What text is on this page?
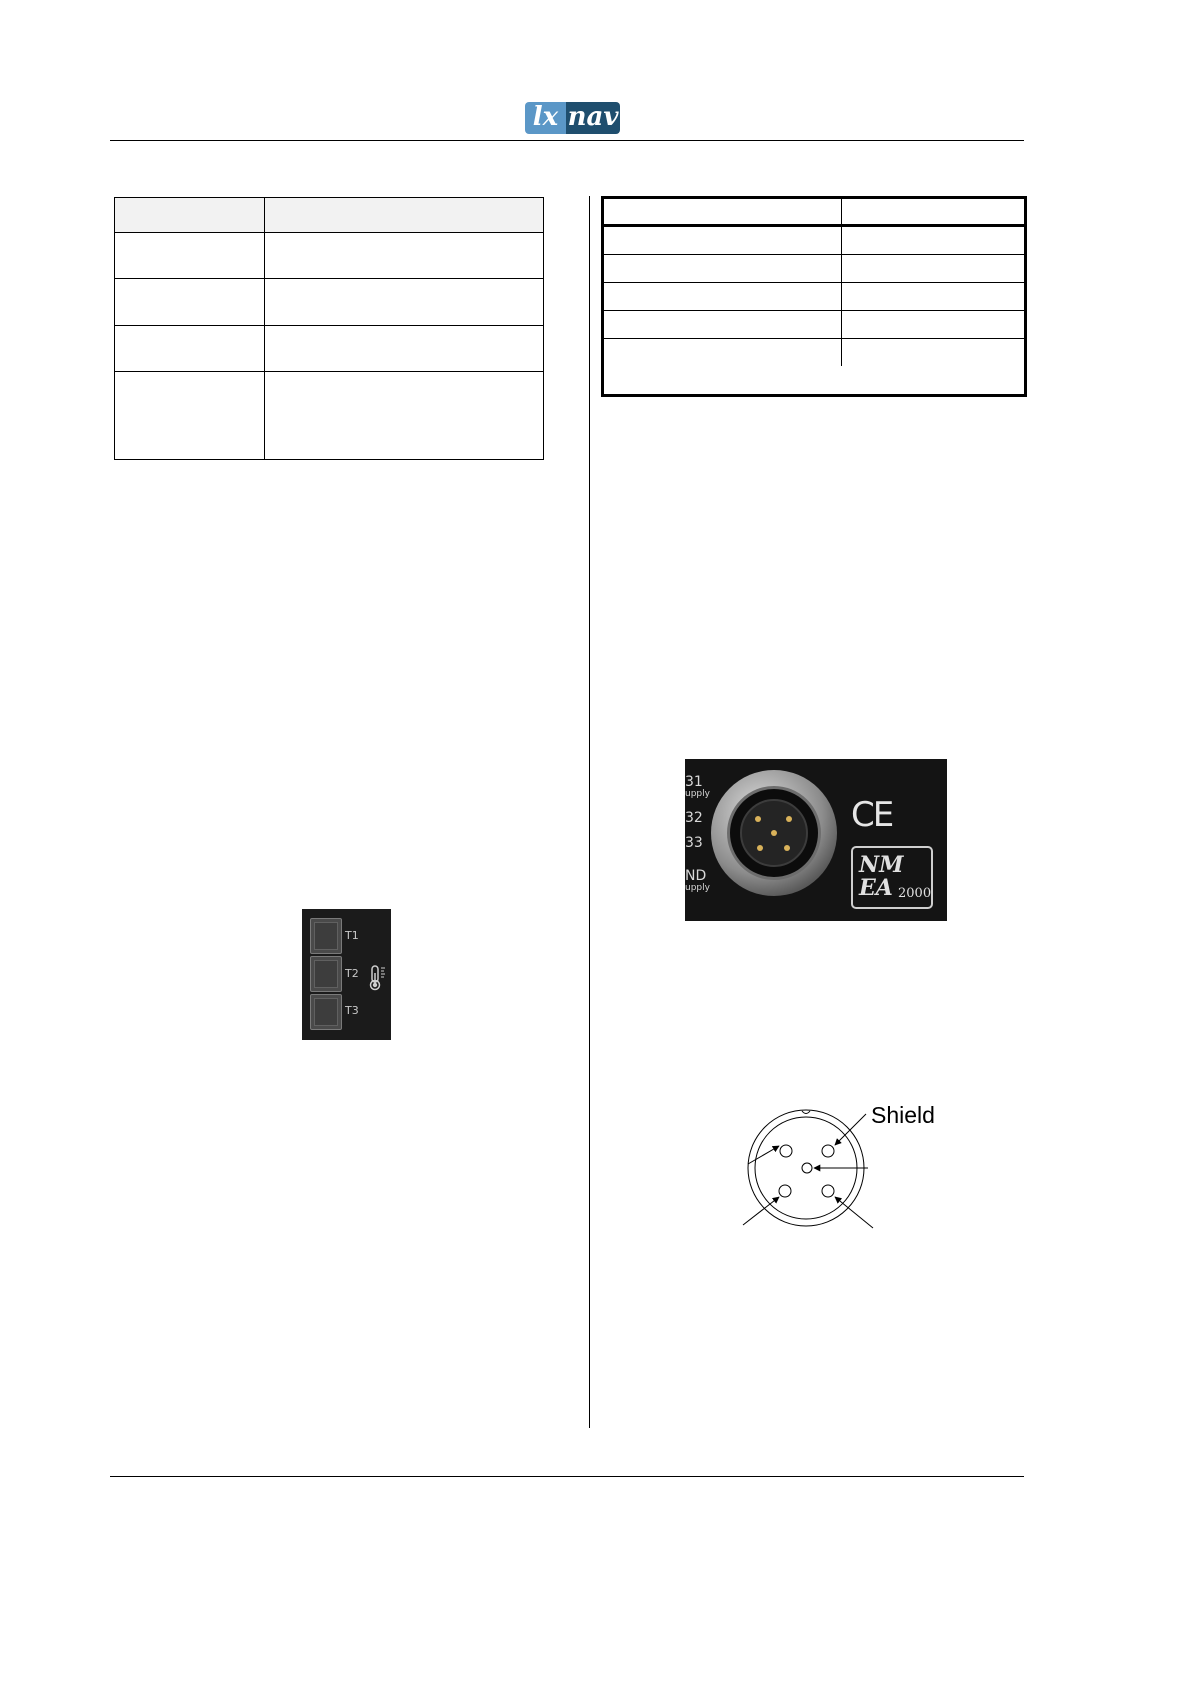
lx nav

T1
T2
T3
31
upply
32
33
ND
upply
CE
NM
EA 2000
Shield
